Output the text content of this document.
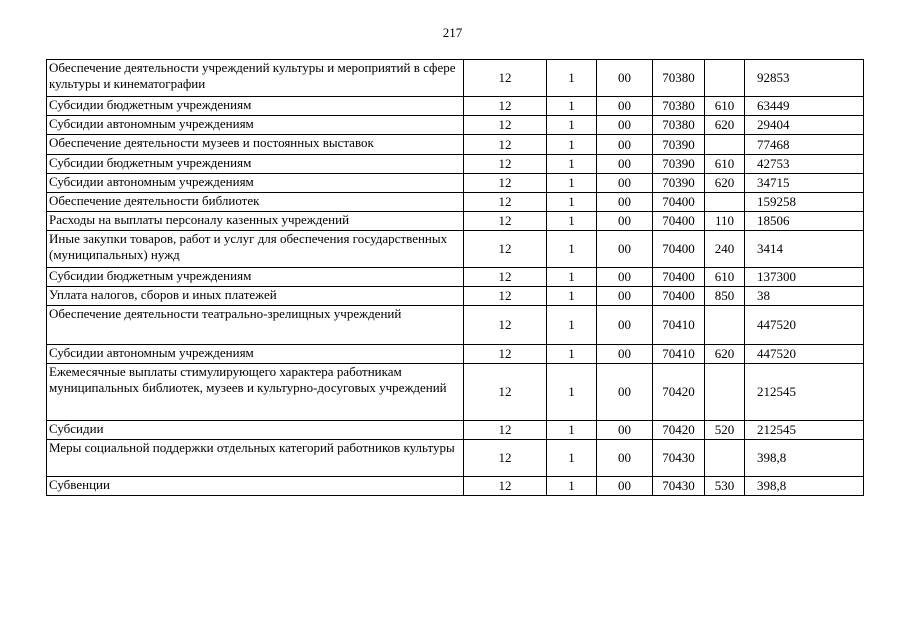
217
Обеспечение деятельности учреждений культуры и мероприятий в сфере культуры и кинематографии	12	1	00	70380		92853
Субсидии бюджетным учреждениям	12	1	00	70380	610	63449
Субсидии автономным учреждениям	12	1	00	70380	620	29404
Обеспечение деятельности музеев и постоянных выставок	12	1	00	70390		77468
Субсидии бюджетным учреждениям	12	1	00	70390	610	42753
Субсидии автономным учреждениям	12	1	00	70390	620	34715
Обеспечение деятельности библиотек	12	1	00	70400		159258
Расходы на выплаты персоналу казенных учреждений	12	1	00	70400	110	18506
Иные закупки товаров, работ и услуг для обеспечения государственных (муниципальных) нужд	12	1	00	70400	240	3414
Субсидии бюджетным учреждениям	12	1	00	70400	610	137300
Уплата налогов, сборов и иных платежей	12	1	00	70400	850	38
Обеспечение деятельности театрально-зрелищных учреждений	12	1	00	70410		447520
Субсидии автономным учреждениям	12	1	00	70410	620	447520
Ежемесячные выплаты стимулирующего характера работникам муниципальных библиотек, музеев и культурно-досуговых учреждений	12	1	00	70420		212545
Субсидии	12	1	00	70420	520	212545
Меры социальной поддержки отдельных категорий работников культуры	12	1	00	70430		398,8
Субвенции	12	1	00	70430	530	398,8
